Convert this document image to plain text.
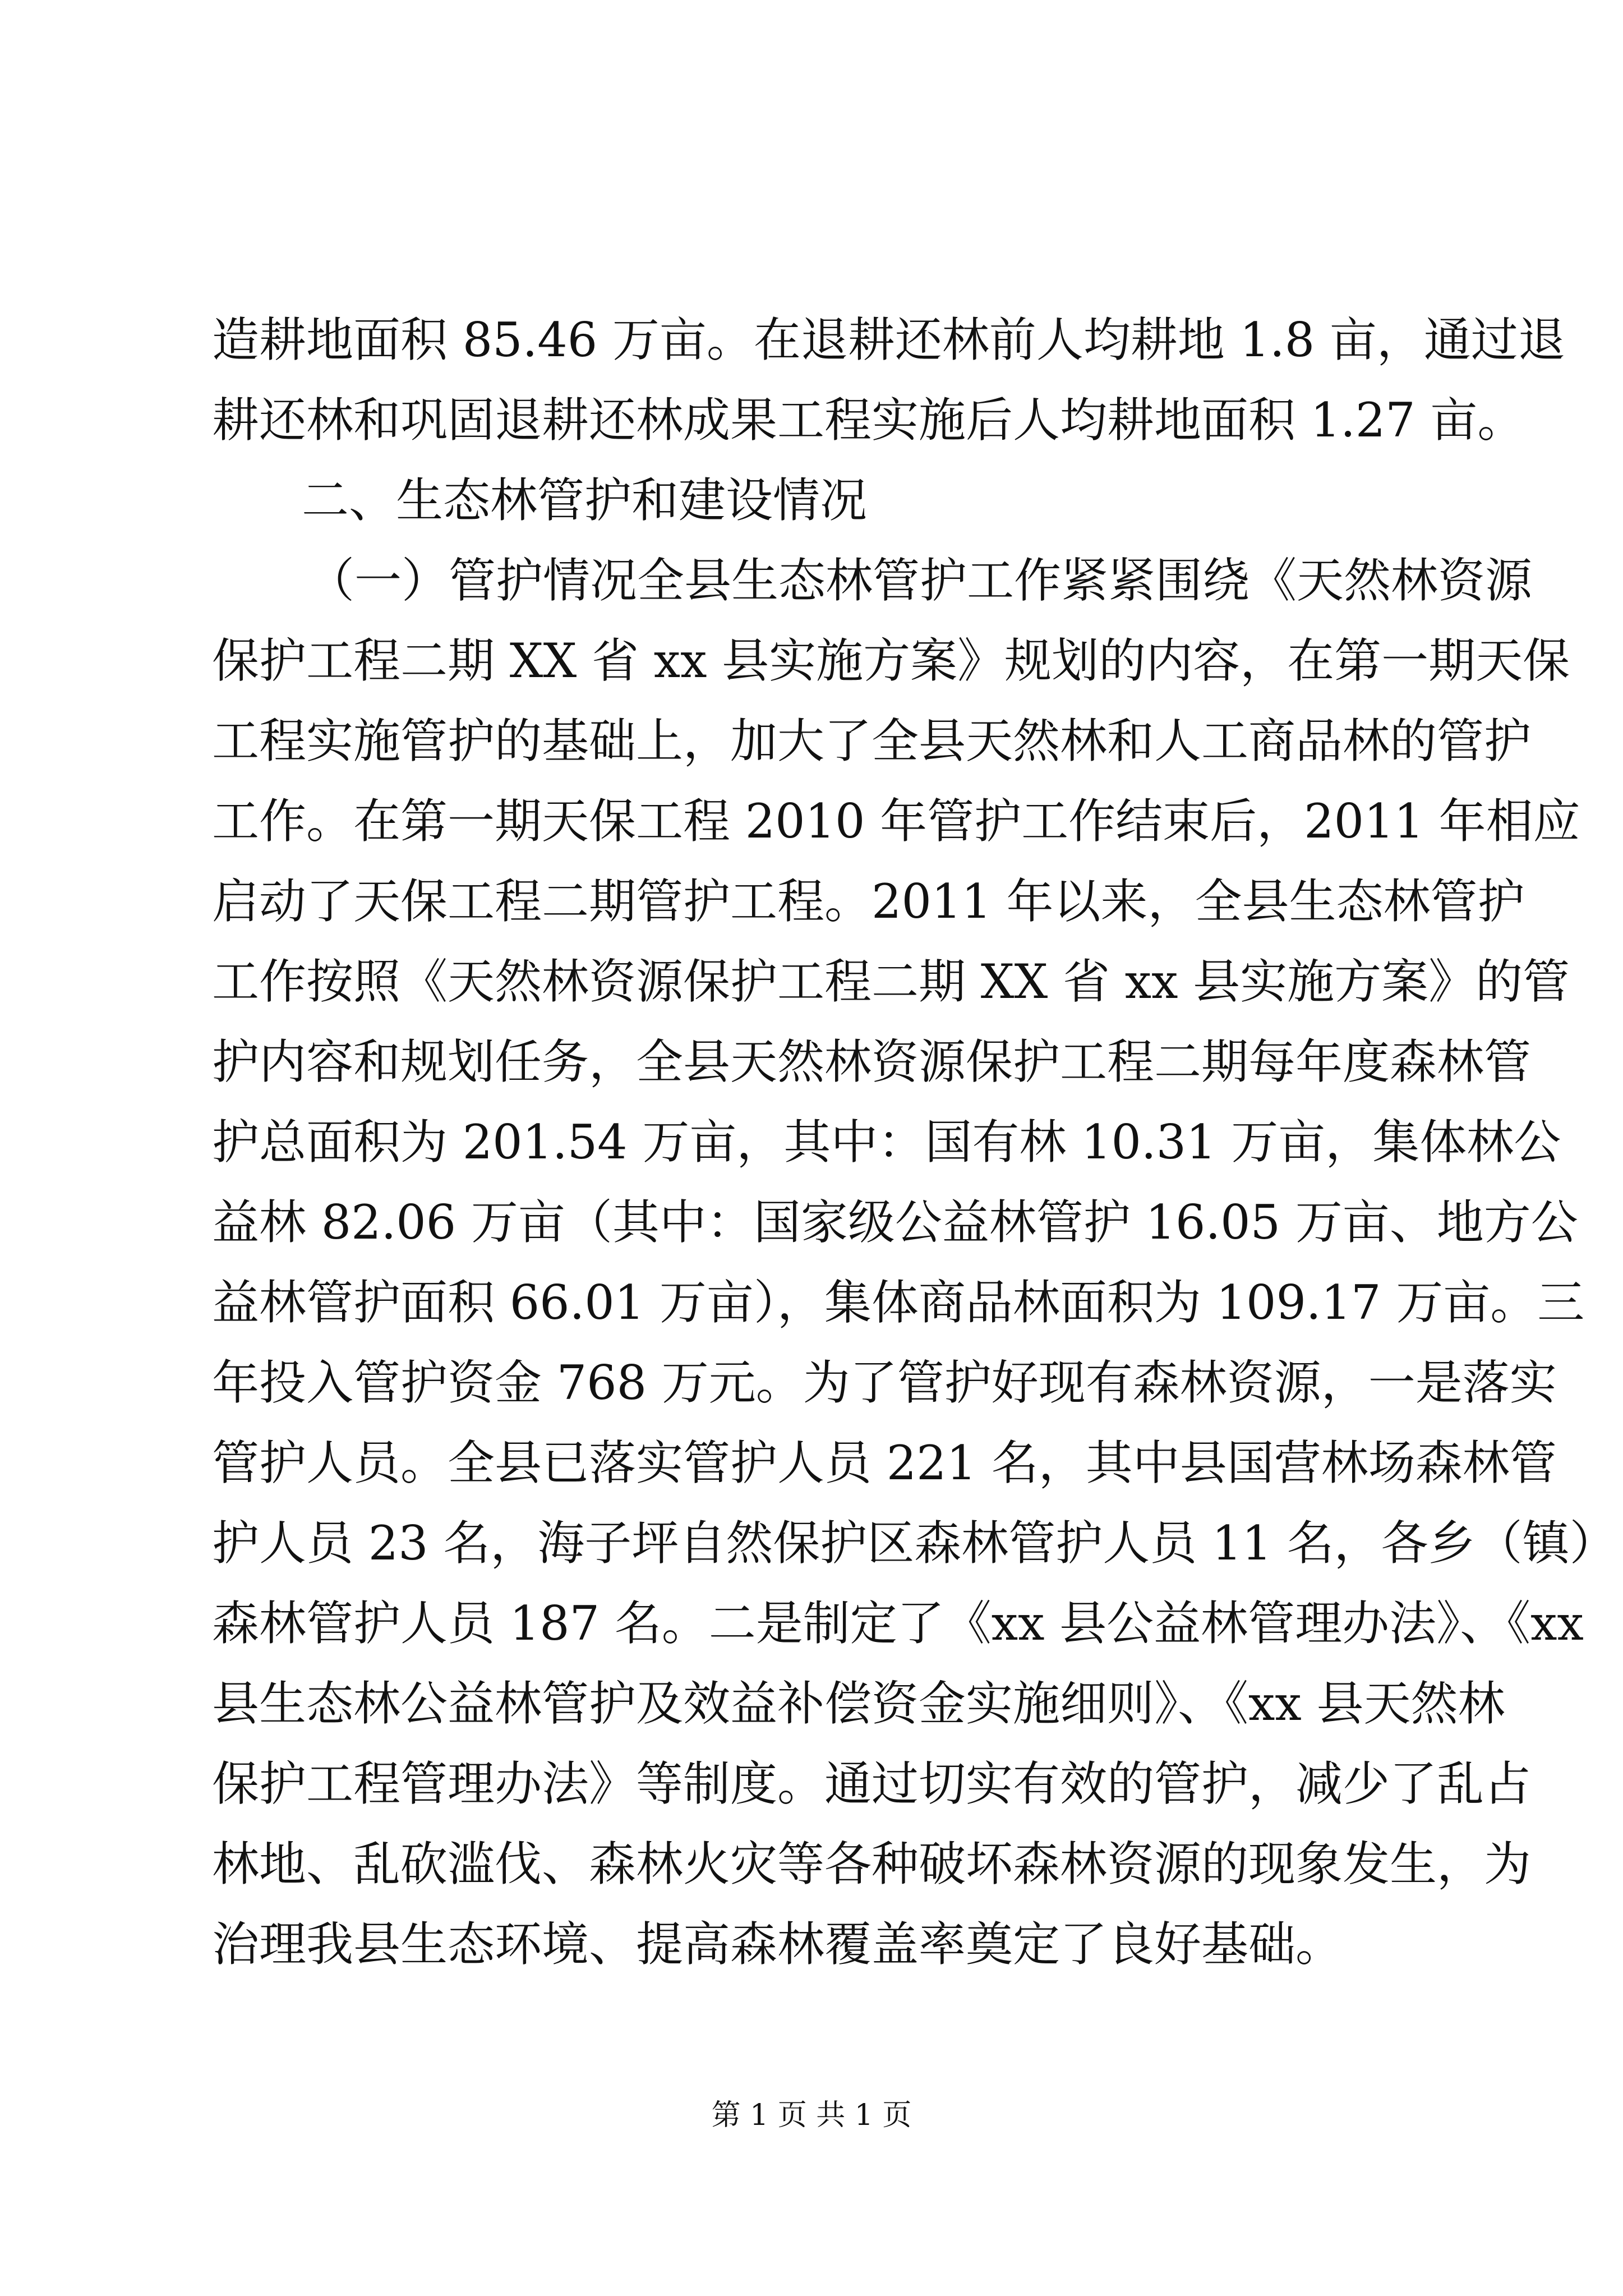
造耕地面积 85.46 万亩。在退耕还林前人均耕地 1.8 亩，通过退
耕还林和巩固退耕还林成果工程实施后人均耕地面积 1.27 亩。
二、生态林管护和建设情况
（一）管护情况全县生态林管护工作紧紧围绕《天然林资源
保护工程二期 XX 省 xx 县实施方案》规划的内容，在第一期天保
工程实施管护的基础上，加大了全县天然林和人工商品林的管护
工作。在第一期天保工程 2010 年管护工作结束后，2011 年相应
启动了天保工程二期管护工程。2011 年以来，全县生态林管护
工作按照《天然林资源保护工程二期 XX 省 xx 县实施方案》的管
护内容和规划任务，全县天然林资源保护工程二期每年度森林管
护总面积为 201.54 万亩，其中：国有林 10.31 万亩，集体林公
益林 82.06 万亩（其中：国家级公益林管护 16.05 万亩、地方公
益林管护面积 66.01 万亩），集体商品林面积为 109.17 万亩。三
年投入管护资金 768 万元。为了管护好现有森林资源，一是落实
管护人员。全县已落实管护人员 221 名，其中县国营林场森林管
护人员 23 名，海子坪自然保护区森林管护人员 11 名，各乡（镇）
森林管护人员 187 名。二是制定了《xx 县公益林管理办法》、《xx
县生态林公益林管护及效益补偿资金实施细则》、《xx 县天然林
保护工程管理办法》等制度。通过切实有效的管护，减少了乱占
林地、乱砍滥伐、森林火灾等各种破坏森林资源的现象发生，为
治理我县生态环境、提高森林覆盖率奠定了良好基础。
第 1 页 共 1 页
